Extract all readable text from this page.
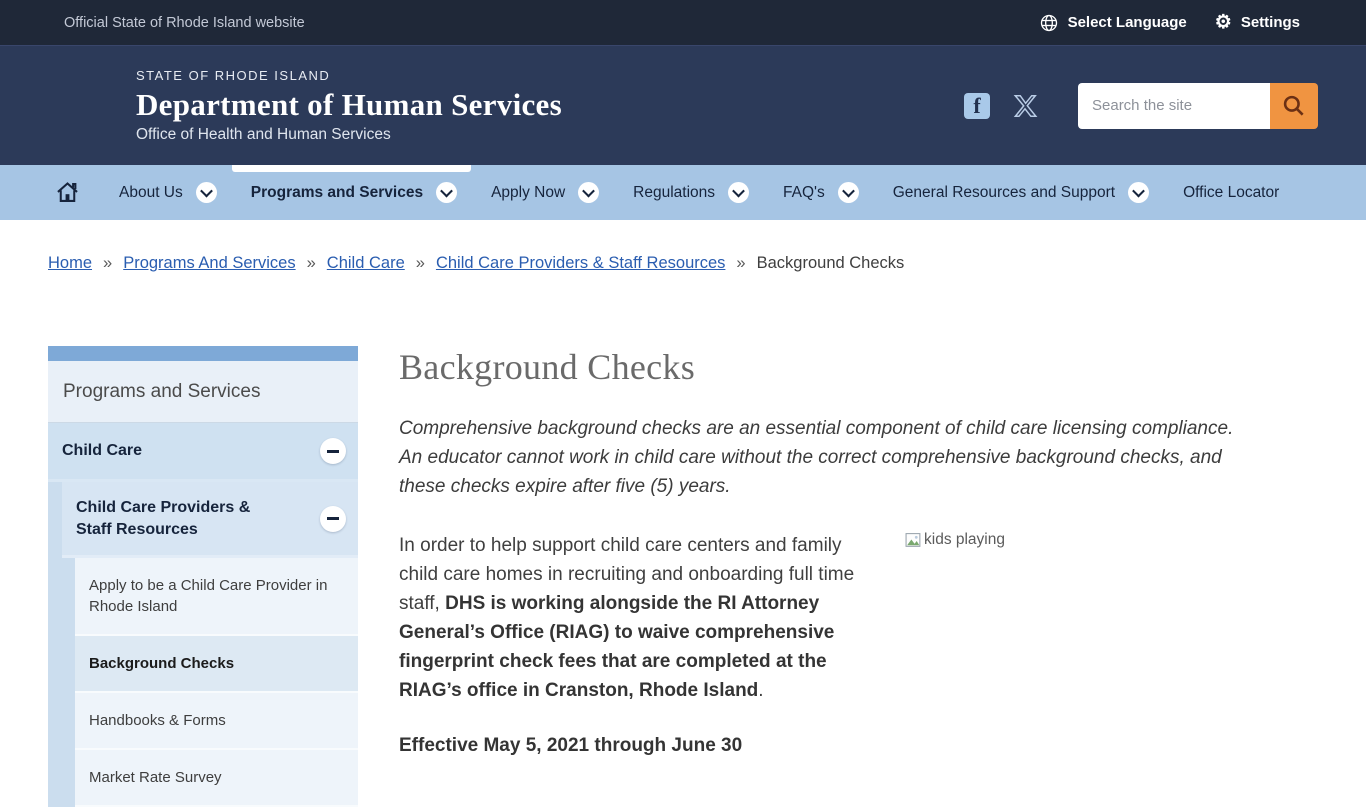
Official State of Rhode Island website	Select Language ⚙ Settings
STATE OF RHODE ISLAND
Department of Human Services
Office of Health and Human Services
f
Search the site
About Us	Programs and Services	Apply Now	Regulations	FAQ's	General Resources and Support	Office Locator
Home » Programs And Services » Child Care » Child Care Providers & Staff Resources » Background Checks
Programs and Services
Child Care
Child Care Providers & Staff Resources
Apply to be a Child Care Provider in Rhode Island
Background Checks
Handbooks & Forms
Market Rate Survey
Background Checks

Comprehensive background checks are an essential component of child care licensing compliance. An educator cannot work in child care without the correct comprehensive background checks, and these checks expire after five (5) years.

kids playing

In order to help support child care centers and family child care homes in recruiting and onboarding full time staff, DHS is working alongside the RI Attorney General’s Office (RIAG) to waive comprehensive fingerprint check fees that are completed at the RIAG’s office in Cranston, Rhode Island.

Effective May 5, 2021 through June 30
